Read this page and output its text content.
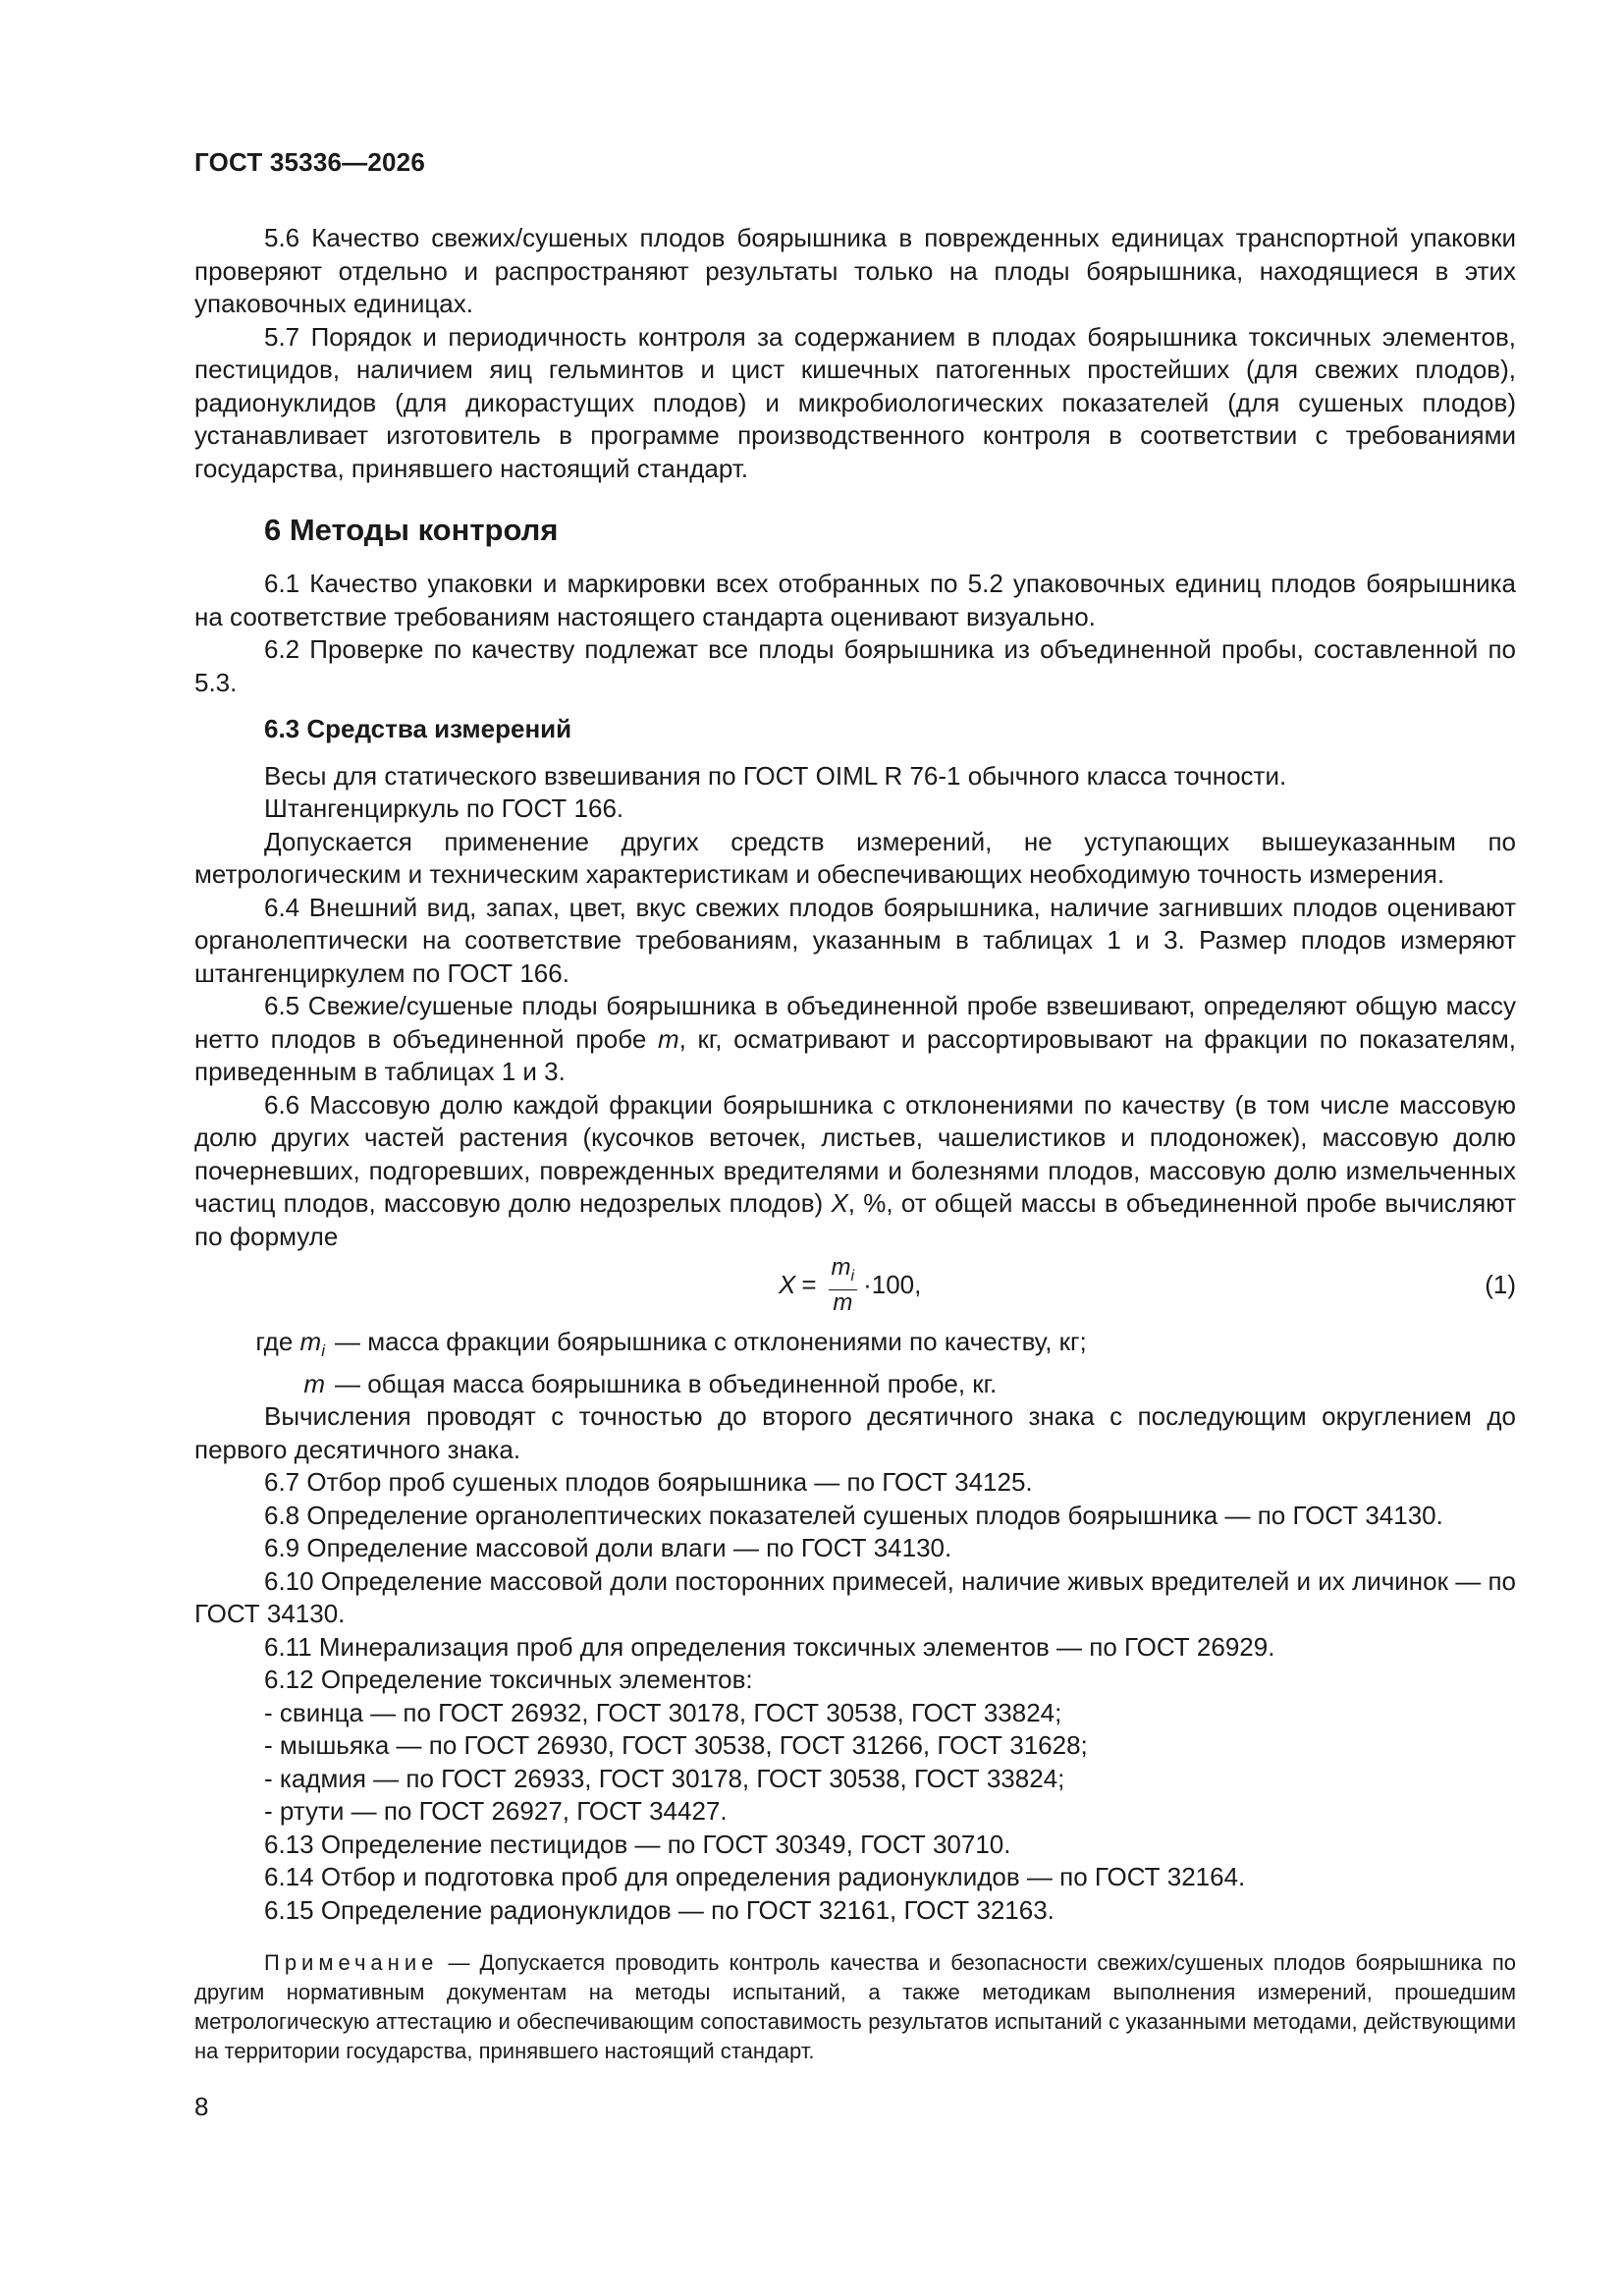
ГОСТ 35336—2026

5.6 Качество свежих/сушеных плодов боярышника в поврежденных единицах транспортной упаковки проверяют отдельно и распространяют результаты только на плоды боярышника, находящиеся в этих упаковочных единицах.

5.7 Порядок и периодичность контроля за содержанием в плодах боярышника токсичных элементов, пестицидов, наличием яиц гельминтов и цист кишечных патогенных простейших (для свежих плодов), радионуклидов (для дикорастущих плодов) и микробиологических показателей (для сушеных плодов) устанавливает изготовитель в программе производственного контроля в соответствии с требованиями государства, принявшего настоящий стандарт.

6 Методы контроля

6.1 Качество упаковки и маркировки всех отобранных по 5.2 упаковочных единиц плодов боярышника на соответствие требованиям настоящего стандарта оценивают визуально.

6.2 Проверке по качеству подлежат все плоды боярышника из объединенной пробы, составленной по 5.3.

6.3 Средства измерений

Весы для статического взвешивания по ГОСТ OIML R 76-1 обычного класса точности.

Штангенциркуль по ГОСТ 166.

Допускается применение других средств измерений, не уступающих вышеуказанным по метрологическим и техническим характеристикам и обеспечивающих необходимую точность измерения.

6.4 Внешний вид, запах, цвет, вкус свежих плодов боярышника, наличие загнивших плодов оценивают органолептически на соответствие требованиям, указанным в таблицах 1 и 3. Размер плодов измеряют штангенциркулем по ГОСТ 166.

6.5 Свежие/сушеные плоды боярышника в объединенной пробе взвешивают, определяют общую массу нетто плодов в объединенной пробе m, кг, осматривают и рассортировывают на фракции по показателям, приведенным в таблицах 1 и 3.

6.6 Массовую долю каждой фракции боярышника с отклонениями по качеству (в том числе массовую долю других частей растения (кусочков веточек, листьев, чашелистиков и плодоножек), массовую долю почерневших, подгоревших, поврежденных вредителями и болезнями плодов, массовую долю измельченных частиц плодов, массовую долю недозрелых плодов) X, %, от общей массы в объединенной пробе вычисляют по формуле

$X = \frac{m_i}{m} \cdot 100$,	(1)
где $m_i$ — масса фракции боярышника с отклонениями по качеству, кг;
m — общая масса боярышника в объединенной пробе, кг.

Вычисления проводят с точностью до второго десятичного знака с последующим округлением до первого десятичного знака.

6.7 Отбор проб сушеных плодов боярышника — по ГОСТ 34125.

6.8 Определение органолептических показателей сушеных плодов боярышника — по ГОСТ 34130.

6.9 Определение массовой доли влаги — по ГОСТ 34130.

6.10 Определение массовой доли посторонних примесей, наличие живых вредителей и их личинок — по ГОСТ 34130.

6.11 Минерализация проб для определения токсичных элементов — по ГОСТ 26929.

6.12 Определение токсичных элементов:

- свинца — по ГОСТ 26932, ГОСТ 30178, ГОСТ 30538, ГОСТ 33824;
- мышьяка — по ГОСТ 26930, ГОСТ 30538, ГОСТ 31266, ГОСТ 31628;
- кадмия — по ГОСТ 26933, ГОСТ 30178, ГОСТ 30538, ГОСТ 33824;
- ртути — по ГОСТ 26927, ГОСТ 34427.

6.13 Определение пестицидов — по ГОСТ 30349, ГОСТ 30710.

6.14 Отбор и подготовка проб для определения радионуклидов — по ГОСТ 32164.

6.15 Определение радионуклидов — по ГОСТ 32161, ГОСТ 32163.

Примечание — Допускается проводить контроль качества и безопасности свежих/сушеных плодов боярышника по другим нормативным документам на методы испытаний, а также методикам выполнения измерений, прошедшим метрологическую аттестацию и обеспечивающим сопоставимость результатов испытаний с указанными методами, действующими на территории государства, принявшего настоящий стандарт.

8
